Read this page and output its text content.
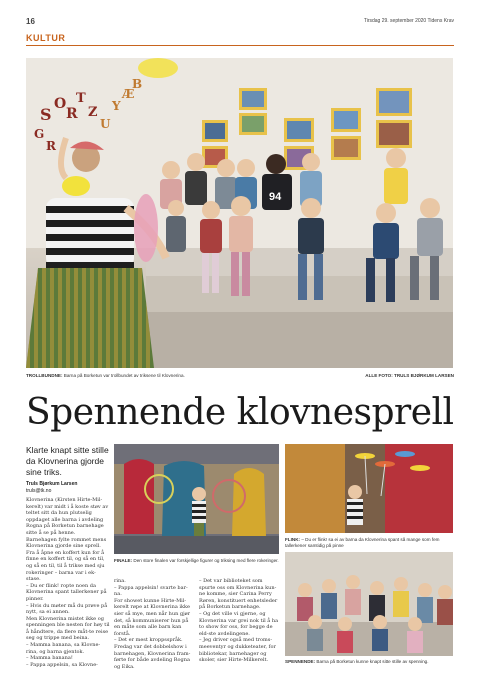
16	Tirsdag 29. september 2020 Tidens Krav
KULTUR
S
O
R
T
Z
U
Y
Æ
B
G
R
94
TROLLBUNDNE: Barna på Borketun var trollbundet av triksene til Klovnerina.	ALLE FOTO: TRULS BJØRKUM LARSEN
Spennende klovnesprell
Klarte knapt sitte stille da Klovnerina gjorde sine triks.
Truls Bjørkum Larsen
truls@tk.no

Klovnerina (Kirsten Hirte-Mil-kerelt) var midt i å koste støv av teltet sitt da hun plutselig oppdaget alle barna i avdeling Rogna på Borketun barnehage sitte å se på henne.

Barnehagen fylte rommet mens Klovnerina gjorde sine sprell. Fra å åpne en koffert kun for å finne en koffert til, og så en til, og så en til, til å trikse med sju rokeringer – barna var i ek-stase.

– Du er flink! ropte noen da Klovnerina spant tallerkener på pinner.

– Hvis du møter må du prøve på nytt, sa ei annen.

Men Klovnerina mistet ikke og spenningen ble nesten for høy til å håndtere, da flere måt-te reise seg og trippe med beina.

– Mamma banana, sa Klovne-rina, og barna gjentok.

– Mamma banana!

– Pappa appelsin, sa Klovne-

FINALE: Den store finalen var forskjellige figurer og triksing med flere rokeringer.

rina.

– Pappa appelsin! svarte bar-na.

For showet kunne Hirte-Mil-kerelt røpe at Klovnerina ikke sier så mye, men når hun gjør det, så kommuniserer hun på en måte som alle barn kan forstå.

– Det er mest kroppsspråk.

Fredag var det dobbelshow i barnehagen, Klovnerina fram-førte for både avdeling Rogna og Eika.

– Det var biblioteket som spurte oss om Klovnerina kun-ne komme, sier Carina Perry Røren, konstituert enhetsleder på Borketun barnehage.

– Og det ville vi gjerne, og Klovnerina var grei nok til å ha to show for oss, for begge de eld-ste avdelingene.

– Jeg driver også med troms-meeventyr og dukketeater, for bibliotekar, barnehager og skoler, sier Hirte-Milkerelt.

FLINK: – Du er flink! sa ei av barna da Klovnerina spant så mange som fem tallerkener samtidig på pinne
SPENNENDE: Barna på Borketun kunne knapt sitte stille av spenning.
